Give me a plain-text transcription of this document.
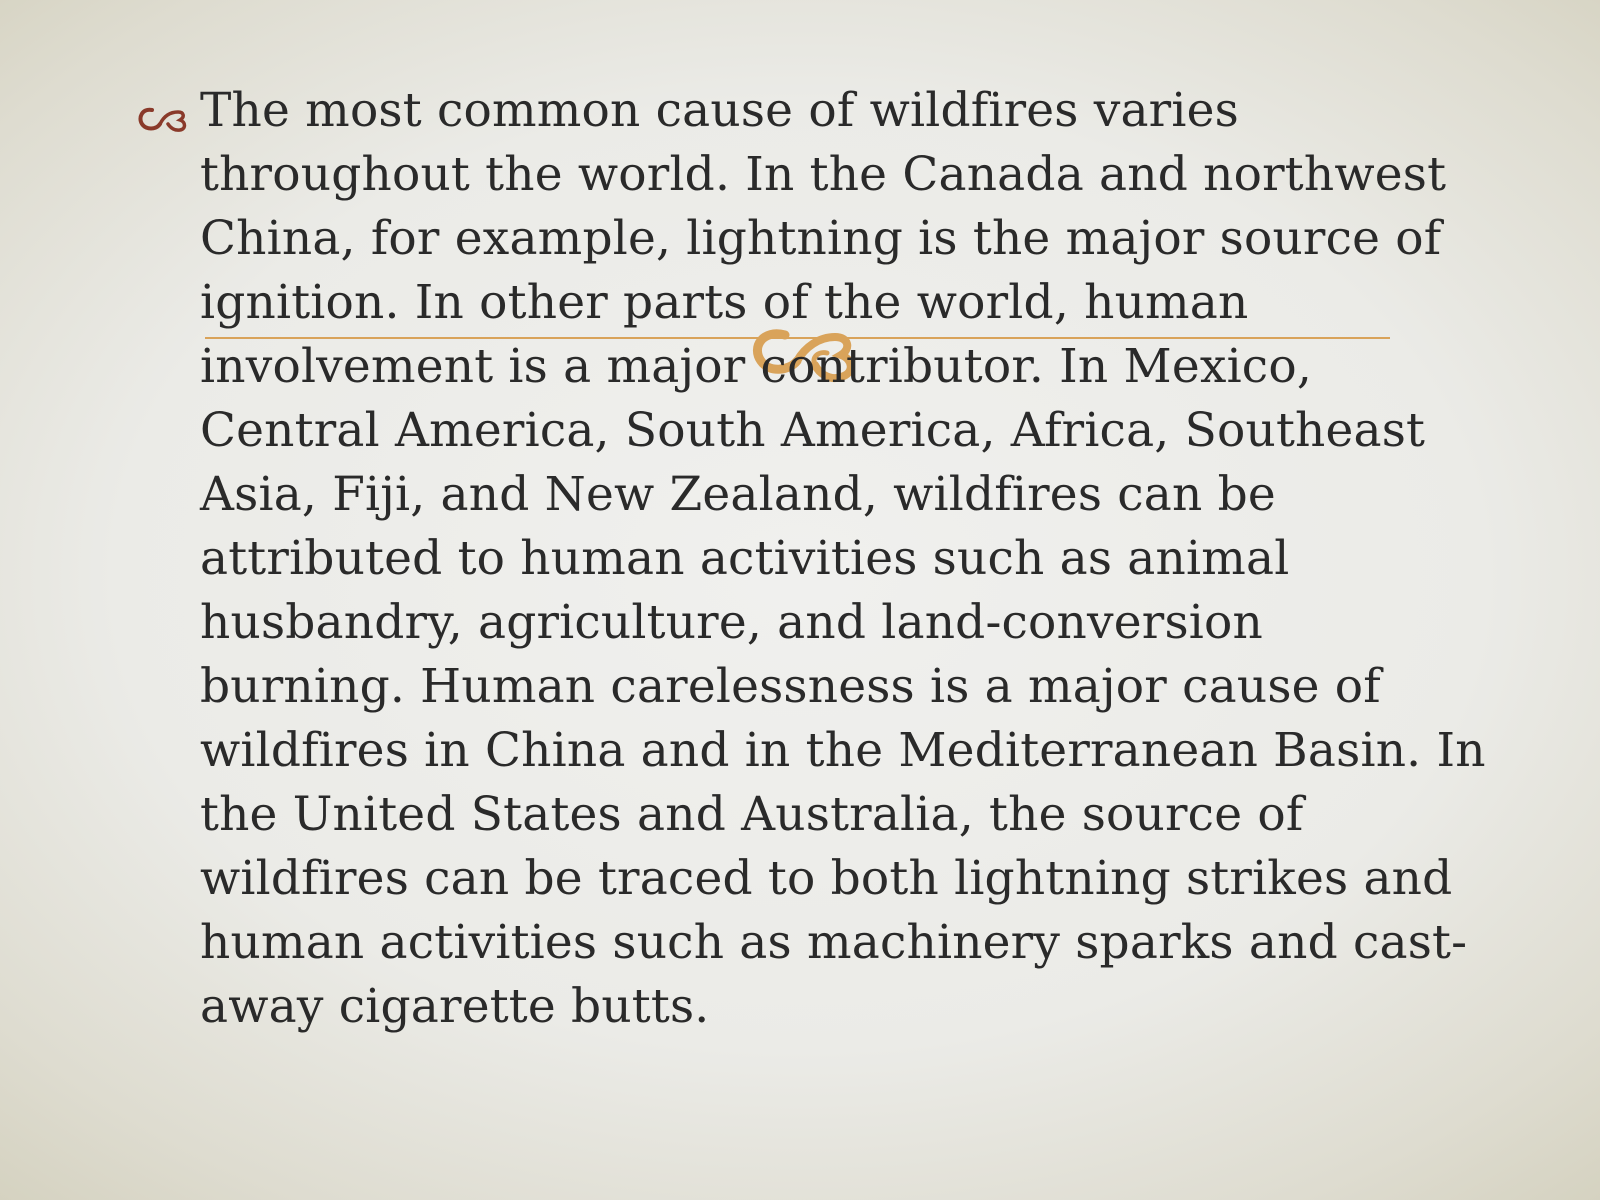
The most common cause of wildfires varies
throughout the world. In the Canada and northwest
China, for example, lightning is the major source of
ignition. In other parts of the world, human
involvement is a major contributor. In Mexico,
Central America, South America, Africa, Southeast
Asia, Fiji, and New Zealand, wildfires can be
attributed to human activities such as animal
husbandry, agriculture, and land-conversion
burning. Human carelessness is a major cause of
wildfires in China and in the Mediterranean Basin. In
the United States and Australia, the source of
wildfires can be traced to both lightning strikes and
human activities such as machinery sparks and cast-
away cigarette butts.
